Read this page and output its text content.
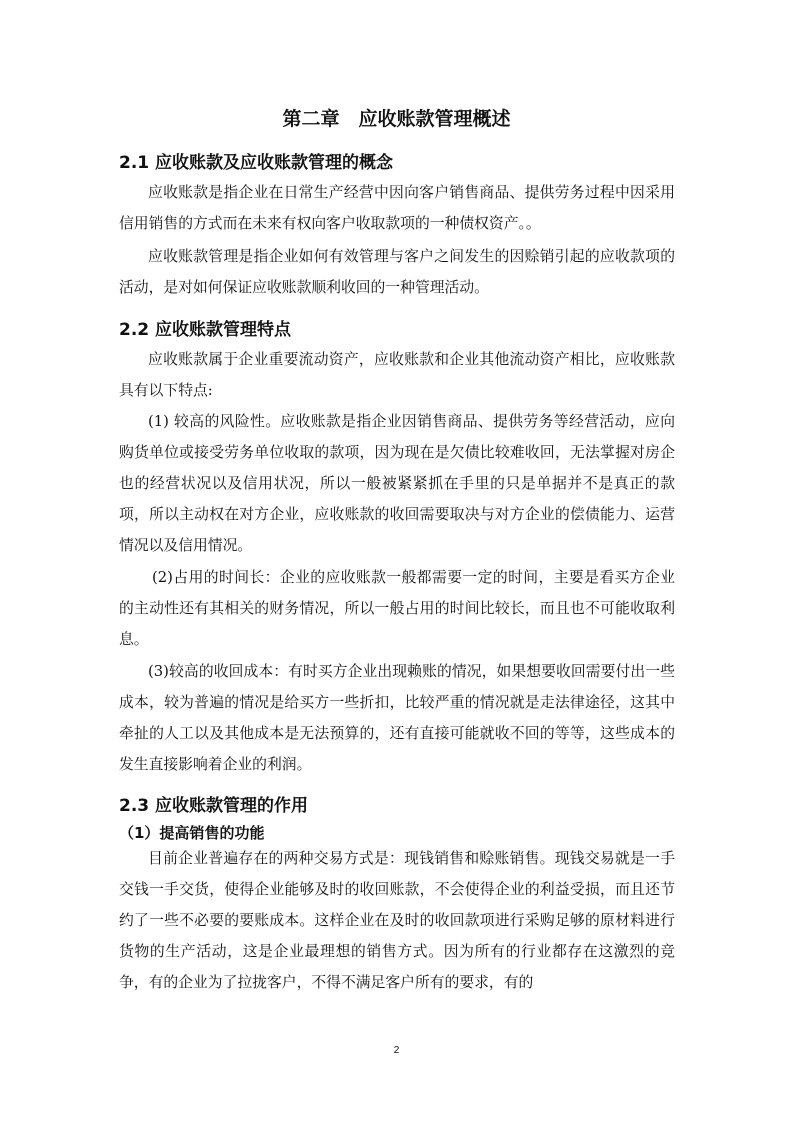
第二章　应收账款管理概述
2.1 应收账款及应收账款管理的概念

应收账款是指企业在日常生产经营中因向客户销售商品、提供劳务过程中因采用信用销售的方式而在未来有权向客户收取款项的一种债权资产。。

应收账款管理是指企业如何有效管理与客户之间发生的因赊销引起的应收款项的活动，是对如何保证应收账款顺利收回的一种管理活动。

2.2 应收账款管理特点

应收账款属于企业重要流动资产，应收账款和企业其他流动资产相比，应收账款具有以下特点:

(1) 较高的风险性。应收账款是指企业因销售商品、提供劳务等经营活动，应向购货单位或接受劳务单位收取的款项，因为现在是欠债比较难收回，无法掌握对房企也的经营状况以及信用状况，所以一般被紧紧抓在手里的只是单据并不是真正的款项，所以主动权在对方企业，应收账款的收回需要取决与对方企业的偿债能力、运营情况以及信用情况。

(2)占用的时间长：企业的应收账款一般都需要一定的时间，主要是看买方企业的主动性还有其相关的财务情况，所以一般占用的时间比较长，而且也不可能收取利息。

(3)较高的收回成本：有时买方企业出现赖账的情况，如果想要收回需要付出一些成本，较为普遍的情况是给买方一些折扣，比较严重的情况就是走法律途径，这其中牵扯的人工以及其他成本是无法预算的，还有直接可能就收不回的等等，这些成本的发生直接影响着企业的利润。

2.3 应收账款管理的作用
（1）提高销售的功能

目前企业普遍存在的两种交易方式是：现钱销售和赊账销售。现钱交易就是一手交钱一手交货，使得企业能够及时的收回账款，不会使得企业的利益受损，而且还节约了一些不必要的要账成本。这样企业在及时的收回款项进行采购足够的原材料进行货物的生产活动，这是企业最理想的销售方式。因为所有的行业都存在这激烈的竞争，有的企业为了拉拢客户，不得不满足客户所有的要求，有的

2
